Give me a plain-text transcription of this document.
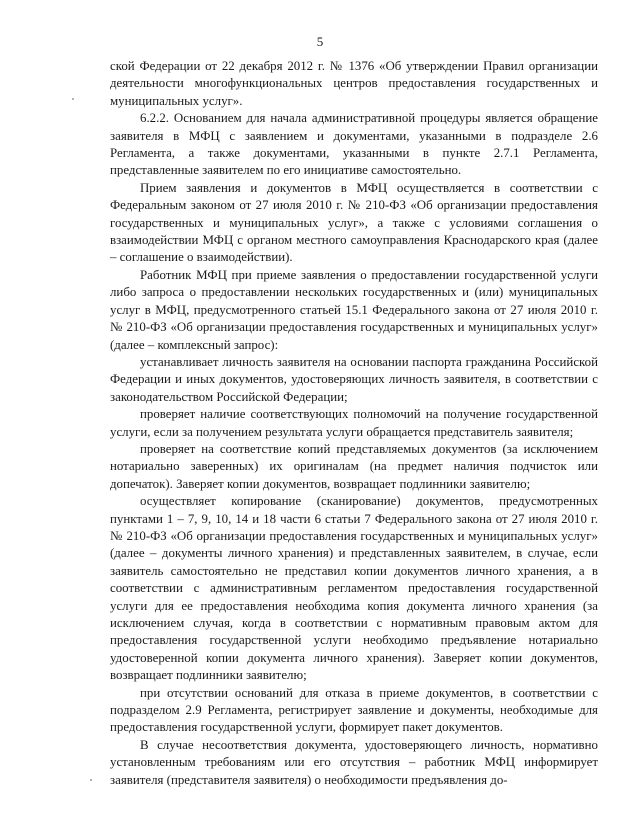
5

ской Федерации от 22 декабря 2012 г. № 1376 «Об утверждении Правил организации деятельности многофункциональных центров предоставления государственных и муниципальных услуг».

6.2.2. Основанием для начала административной процедуры является обращение заявителя в МФЦ с заявлением и документами, указанными в подразделе 2.6 Регламента, а также документами, указанными в пункте 2.7.1 Регламента, представленные заявителем по его инициативе самостоятельно.

Прием заявления и документов в МФЦ осуществляется в соответствии с Федеральным законом от 27 июля 2010 г. № 210-ФЗ «Об организации предоставления государственных и муниципальных услуг», а также с условиями соглашения о взаимодействии МФЦ с органом местного самоуправления Краснодарского края (далее – соглашение о взаимодействии).

Работник МФЦ при приеме заявления о предоставлении государственной услуги либо запроса о предоставлении нескольких государственных и (или) муниципальных услуг в МФЦ, предусмотренного статьей 15.1 Федерального закона от 27 июля 2010 г. № 210-ФЗ «Об организации предоставления государственных и муниципальных услуг» (далее – комплексный запрос):

устанавливает личность заявителя на основании паспорта гражданина Российской Федерации и иных документов, удостоверяющих личность заявителя, в соответствии с законодательством Российской Федерации;

проверяет наличие соответствующих полномочий на получение государственной услуги, если за получением результата услуги обращается представитель заявителя;

проверяет на соответствие копий представляемых документов (за исключением нотариально заверенных) их оригиналам (на предмет наличия подчисток или допечаток). Заверяет копии документов, возвращает подлинники заявителю;

осуществляет копирование (сканирование) документов, предусмотренных пунктами 1 – 7, 9, 10, 14 и 18 части 6 статьи 7 Федерального закона от 27 июля 2010 г. № 210-ФЗ «Об организации предоставления государственных и муниципальных услуг» (далее – документы личного хранения) и представленных заявителем, в случае, если заявитель самостоятельно не представил копии документов личного хранения, а в соответствии с административным регламентом предоставления государственной услуги для ее предоставления необходима копия документа личного хранения (за исключением случая, когда в соответствии с нормативным правовым актом для предоставления государственной услуги необходимо предъявление нотариально удостоверенной копии документа личного хранения). Заверяет копии документов, возвращает подлинники заявителю;

при отсутствии оснований для отказа в приеме документов, в соответствии с подразделом 2.9 Регламента, регистрирует заявление и документы, необходимые для предоставления государственной услуги, формирует пакет документов.

В случае несоответствия документа, удостоверяющего личность, нормативно установленным требованиям или его отсутствия – работник МФЦ информирует заявителя (представителя заявителя) о необходимости предъявления до-
